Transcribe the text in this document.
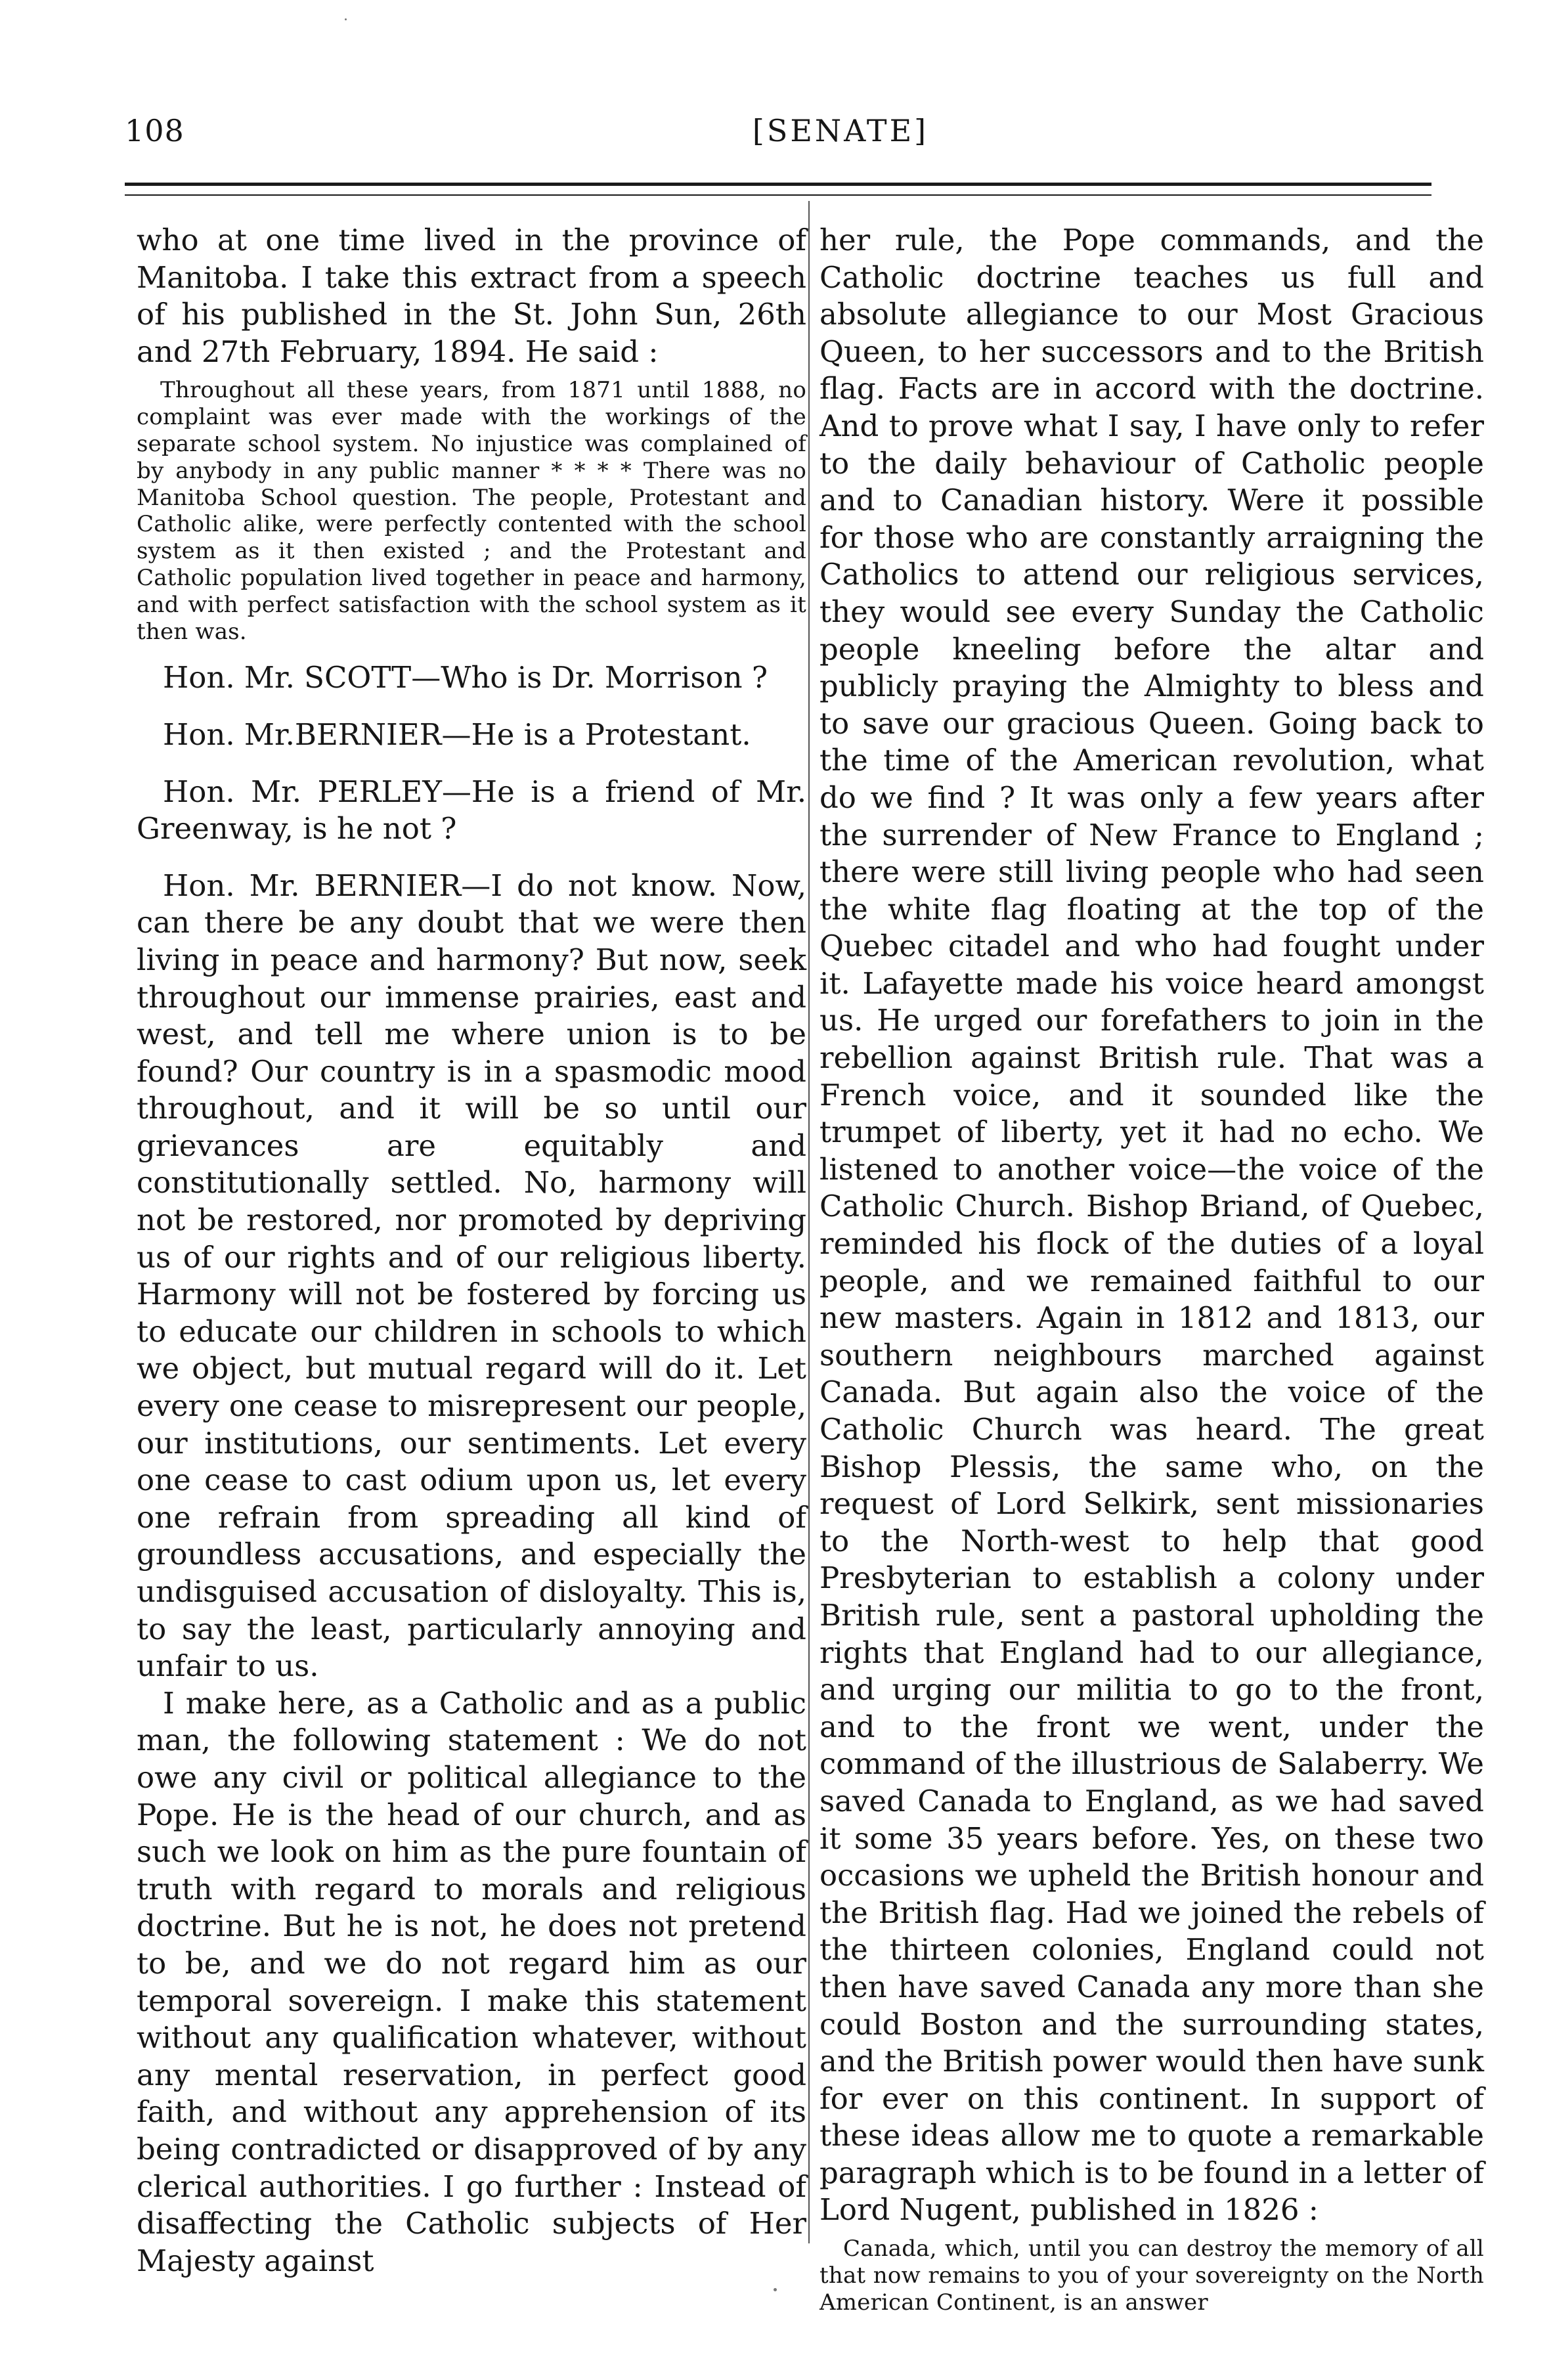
108	[SENATE]

who at one time lived in the province of Manitoba. I take this extract from a speech of his published in the St. John Sun, 26th and 27th February, 1894. He said :

Throughout all these years, from 1871 until 1888, no complaint was ever made with the workings of the separate school system. No injustice was complained of by anybody in any public manner * * * * There was no Manitoba School question. The people, Protestant and Catholic alike, were perfectly contented with the school system as it then existed ; and the Protestant and Catholic population lived together in peace and harmony, and with perfect satisfaction with the school system as it then was.

Hon. Mr. SCOTT—Who is Dr. Morrison ?

Hon. Mr.BERNIER—He is a Protestant.

Hon. Mr. PERLEY—He is a friend of Mr. Greenway, is he not ?

Hon. Mr. BERNIER—I do not know. Now, can there be any doubt that we were then living in peace and harmony? But now, seek throughout our immense prairies, east and west, and tell me where union is to be found? Our country is in a spasmodic mood throughout, and it will be so until our grievances are equitably and constitutionally settled. No, harmony will not be restored, nor promoted by depriving us of our rights and of our religious liberty. Harmony will not be fostered by forcing us to educate our children in schools to which we object, but mutual regard will do it. Let every one cease to misrepresent our people, our institutions, our sentiments. Let every one cease to cast odium upon us, let every one refrain from spreading all kind of groundless accusations, and especially the undisguised accusation of disloyalty. This is, to say the least, particularly annoying and unfair to us.

I make here, as a Catholic and as a public man, the following statement : We do not owe any civil or political allegiance to the Pope. He is the head of our church, and as such we look on him as the pure fountain of truth with regard to morals and religious doctrine. But he is not, he does not pretend to be, and we do not regard him as our temporal sovereign. I make this statement without any qualification whatever, without any mental reservation, in perfect good faith, and without any apprehension of its being contradicted or disapproved of by any clerical authorities. I go further : Instead of disaffecting the Catholic subjects of Her Majesty against

her rule, the Pope commands, and the Catholic doctrine teaches us full and absolute allegiance to our Most Gracious Queen, to her successors and to the British flag. Facts are in accord with the doctrine. And to prove what I say, I have only to refer to the daily behaviour of Catholic people and to Canadian history. Were it possible for those who are constantly arraigning the Catholics to attend our religious services, they would see every Sunday the Catholic people kneeling before the altar and publicly praying the Almighty to bless and to save our gracious Queen. Going back to the time of the American revolution, what do we find ? It was only a few years after the surrender of New France to England ; there were still living people who had seen the white flag floating at the top of the Quebec citadel and who had fought under it. Lafayette made his voice heard amongst us. He urged our forefathers to join in the rebellion against British rule. That was a French voice, and it sounded like the trumpet of liberty, yet it had no echo. We listened to another voice—the voice of the Catholic Church. Bishop Briand, of Quebec, reminded his flock of the duties of a loyal people, and we remained faithful to our new masters. Again in 1812 and 1813, our southern neighbours marched against Canada. But again also the voice of the Catholic Church was heard. The great Bishop Plessis, the same who, on the request of Lord Selkirk, sent missionaries to the North-west to help that good Presbyterian to establish a colony under British rule, sent a pastoral upholding the rights that England had to our allegiance, and urging our militia to go to the front, and to the front we went, under the command of the illustrious de Salaberry. We saved Canada to England, as we had saved it some 35 years before. Yes, on these two occasions we upheld the British honour and the British flag. Had we joined the rebels of the thirteen colonies, England could not then have saved Canada any more than she could Boston and the surrounding states, and the British power would then have sunk for ever on this continent. In support of these ideas allow me to quote a remarkable paragraph which is to be found in a letter of Lord Nugent, published in 1826 :

Canada, which, until you can destroy the memory of all that now remains to you of your sovereignty on the North American Continent, is an answer
